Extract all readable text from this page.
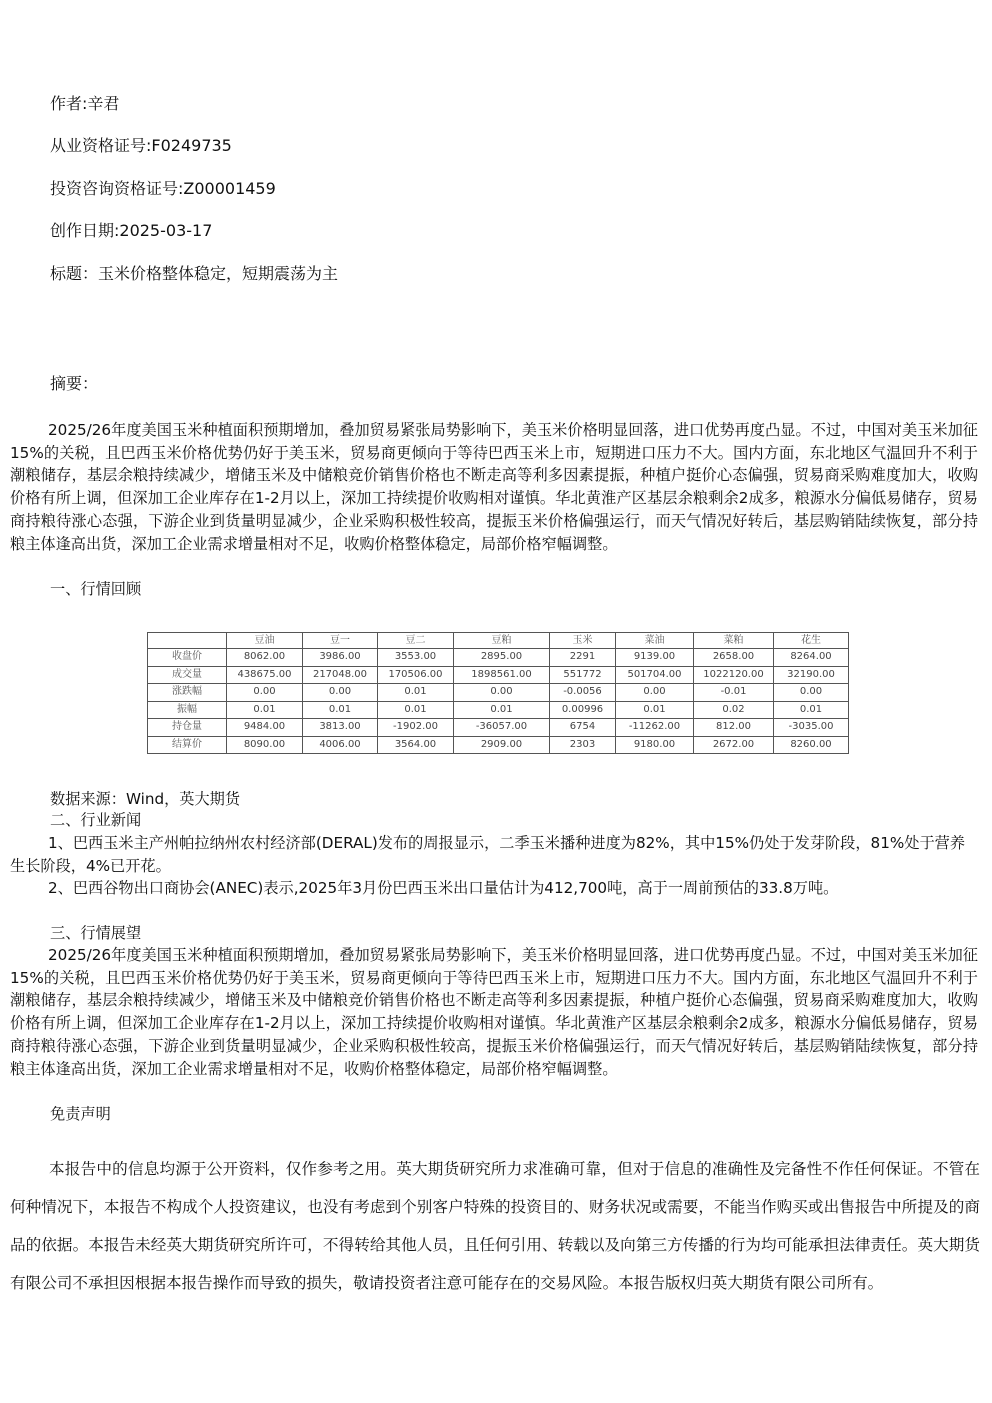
作者:辛君
从业资格证号:F0249735
投资咨询资格证号:Z00001459
创作日期:2025-03-17
标题：玉米价格整体稳定，短期震荡为主
摘要：
2025/26年度美国玉米种植面积预期增加，叠加贸易紧张局势影响下，美玉米价格明显回落，进口优势再度凸显。不过，中国对美玉米加征15%的关税，且巴西玉米价格优势仍好于美玉米，贸易商更倾向于等待巴西玉米上市，短期进口压力不大。国内方面，东北地区气温回升不利于潮粮储存，基层余粮持续减少，增储玉米及中储粮竞价销售价格也不断走高等利多因素提振，种植户挺价心态偏强，贸易商采购难度加大，收购价格有所上调，但深加工企业库存在1-2月以上，深加工持续提价收购相对谨慎。华北黄淮产区基层余粮剩余2成多，粮源水分偏低易储存，贸易商持粮待涨心态强，下游企业到货量明显减少，企业采购积极性较高，提振玉米价格偏强运行，而天气情况好转后，基层购销陆续恢复，部分持粮主体逢高出货，深加工企业需求增量相对不足，收购价格整体稳定，局部价格窄幅调整。
一、行情回顾
	豆油	豆一	豆二	豆粕	玉米	菜油	菜粕	花生
收盘价	8062.00	3986.00	3553.00	2895.00	2291	9139.00	2658.00	8264.00
成交量	438675.00	217048.00	170506.00	1898561.00	551772	501704.00	1022120.00	32190.00
涨跌幅	0.00	0.00	0.01	0.00	-0.0056	0.00	-0.01	0.00
振幅	0.01	0.01	0.01	0.01	0.00996	0.01	0.02	0.01
持仓量	9484.00	3813.00	-1902.00	-36057.00	6754	-11262.00	812.00	-3035.00
结算价	8090.00	4006.00	3564.00	2909.00	2303	9180.00	2672.00	8260.00
数据来源：Wind，英大期货
二、行业新闻
1、巴西玉米主产州帕拉纳州农村经济部(DERAL)发布的周报显示，二季玉米播种进度为82%，其中15%仍处于发芽阶段，81%处于营养生长阶段，4%已开花。
2、巴西谷物出口商协会(ANEC)表示,2025年3月份巴西玉米出口量估计为412,700吨，高于一周前预估的33.8万吨。
三、行情展望
2025/26年度美国玉米种植面积预期增加，叠加贸易紧张局势影响下，美玉米价格明显回落，进口优势再度凸显。不过，中国对美玉米加征15%的关税，且巴西玉米价格优势仍好于美玉米，贸易商更倾向于等待巴西玉米上市，短期进口压力不大。国内方面，东北地区气温回升不利于潮粮储存，基层余粮持续减少，增储玉米及中储粮竞价销售价格也不断走高等利多因素提振，种植户挺价心态偏强，贸易商采购难度加大，收购价格有所上调，但深加工企业库存在1-2月以上，深加工持续提价收购相对谨慎。华北黄淮产区基层余粮剩余2成多，粮源水分偏低易储存，贸易商持粮待涨心态强，下游企业到货量明显减少，企业采购积极性较高，提振玉米价格偏强运行，而天气情况好转后，基层购销陆续恢复，部分持粮主体逢高出货，深加工企业需求增量相对不足，收购价格整体稳定，局部价格窄幅调整。
免责声明
本报告中的信息均源于公开资料，仅作参考之用。英大期货研究所力求准确可靠，但对于信息的准确性及完备性不作任何保证。不管在何种情况下，本报告不构成个人投资建议，也没有考虑到个别客户特殊的投资目的、财务状况或需要，不能当作购买或出售报告中所提及的商品的依据。本报告未经英大期货研究所许可，不得转给其他人员，且任何引用、转载以及向第三方传播的行为均可能承担法律责任。英大期货有限公司不承担因根据本报告操作而导致的损失，敬请投资者注意可能存在的交易风险。本报告版权归英大期货有限公司所有。
